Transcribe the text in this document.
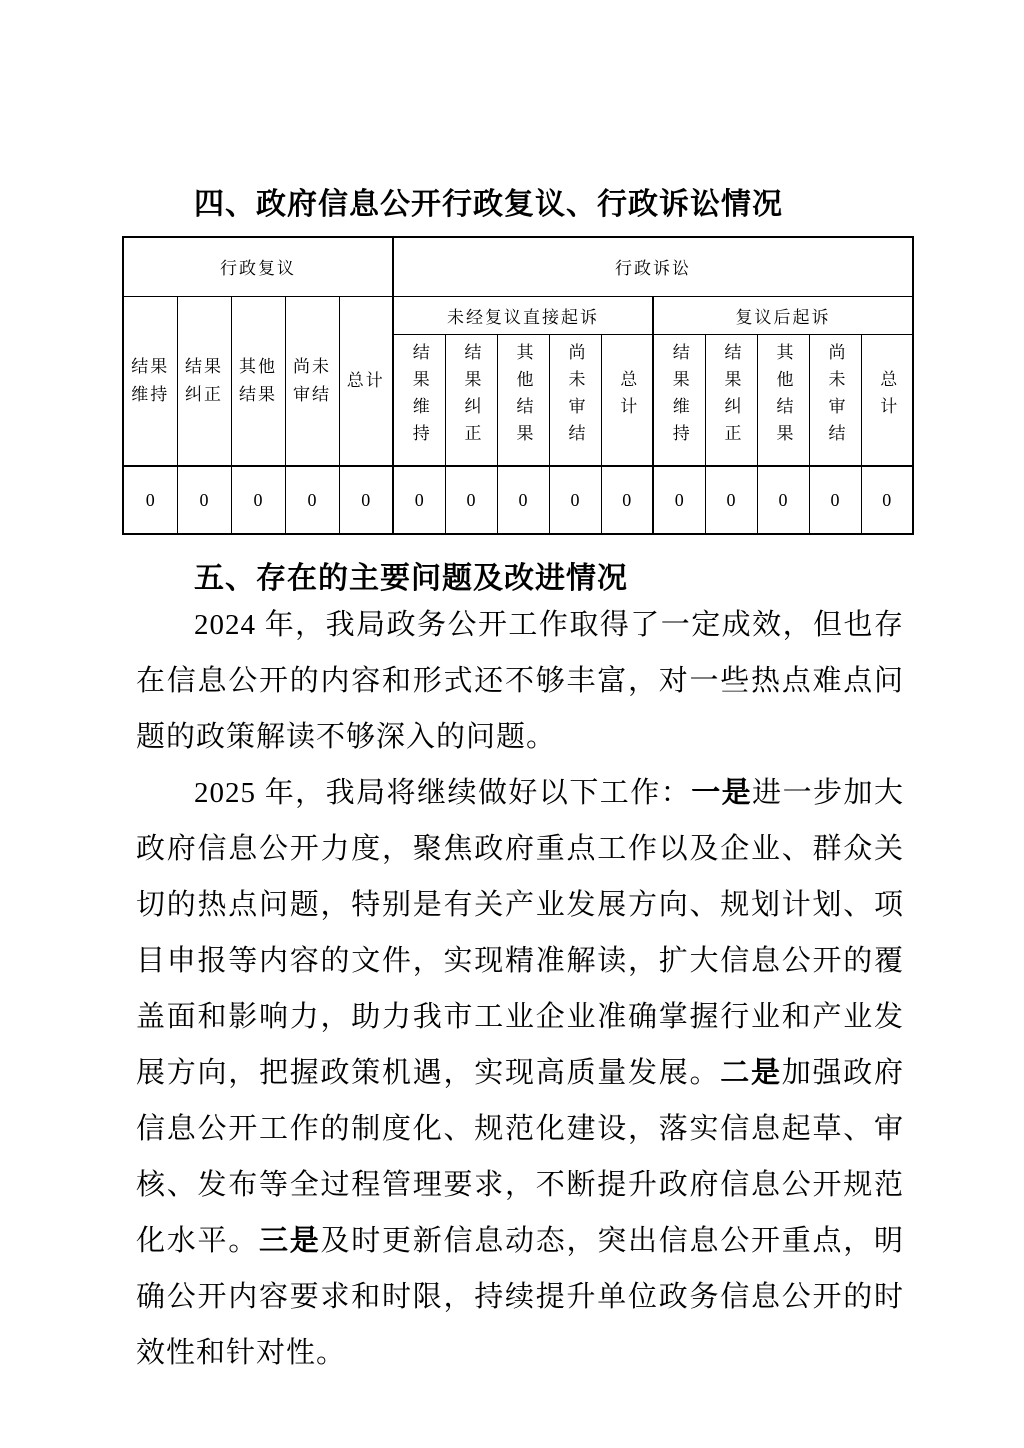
四、政府信息公开行政复议、行政诉讼情况
行政复议					行政诉讼									
结果维持	结果纠正	其他结果	尚未审结	总计	未经复议直接起诉					复议后起诉				
					结果维持	结果纠正	其他结果	尚未审结	总计	结果维持	结果纠正	其他结果	尚未审结	总计
0	0	0	0	0	0	0	0	0	0	0	0	0	0	0
五、存在的主要问题及改进情况

2024 年，我局政务公开工作取得了一定成效，但也存在信息公开的内容和形式还不够丰富，对一些热点难点问题的政策解读不够深入的问题。

2025 年，我局将继续做好以下工作：一是进一步加大政府信息公开力度，聚焦政府重点工作以及企业、群众关切的热点问题，特别是有关产业发展方向、规划计划、项目申报等内容的文件，实现精准解读，扩大信息公开的覆盖面和影响力，助力我市工业企业准确掌握行业和产业发展方向，把握政策机遇，实现高质量发展。二是加强政府信息公开工作的制度化、规范化建设，落实信息起草、审核、发布等全过程管理要求，不断提升政府信息公开规范化水平。三是及时更新信息动态，突出信息公开重点，明确公开内容要求和时限，持续提升单位政务信息公开的时效性和针对性。
